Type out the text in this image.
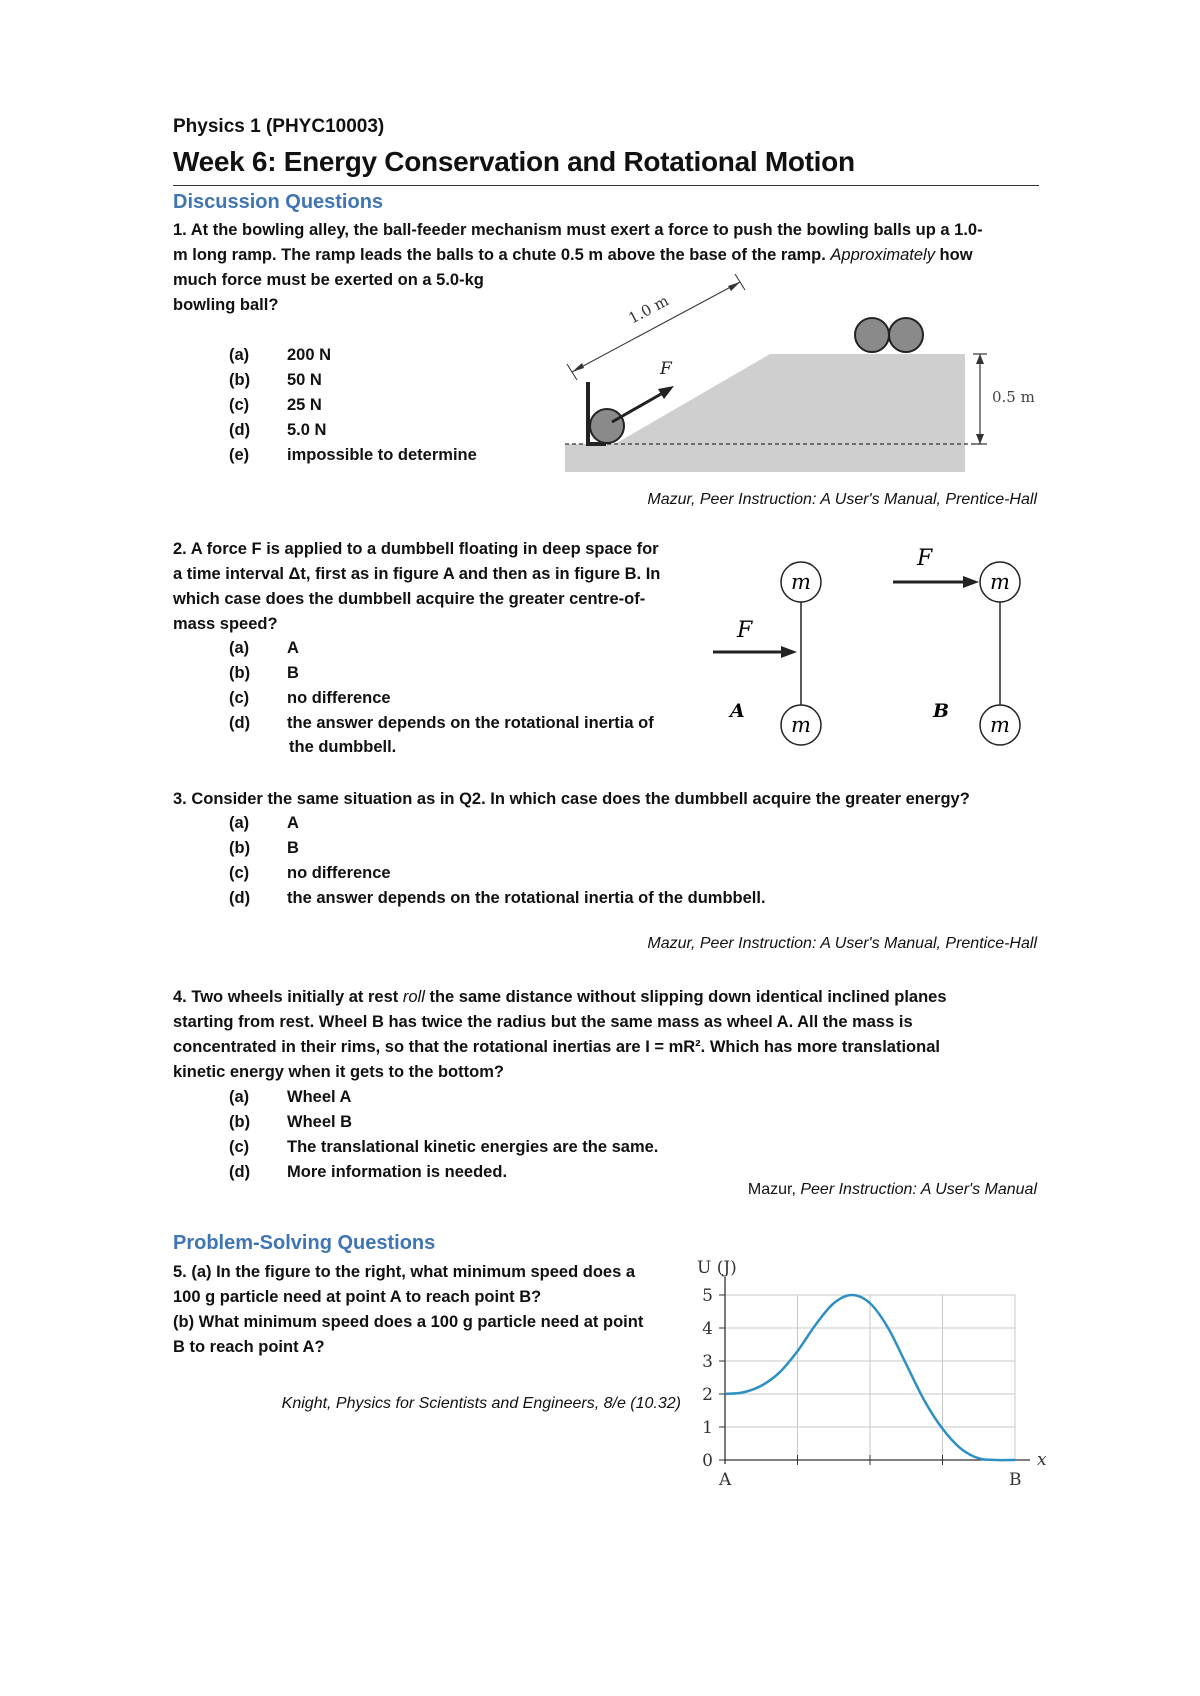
Physics 1 (PHYC10003)
Week 6: Energy Conservation and Rotational Motion
Discussion Questions
1. At the bowling alley, the ball-feeder mechanism must exert a force to push the bowling balls up a 1.0-
m long ramp. The ramp leads the balls to a chute 0.5 m above the base of the ramp. Approximately how
much force must be exerted on a 5.0-kg
bowling ball?
(a) 200 N
(b) 50 N
(c) 25 N
(d) 5.0 N
(e) impossible to determine
1.0 m
F
0.5 m
Mazur, Peer Instruction: A User's Manual, Prentice-Hall
2. A force F is applied to a dumbbell floating in deep space for
a time interval Δt, first as in figure A and then as in figure B. In
which case does the dumbbell acquire the greater centre-of-
mass speed?
(a) A
(b) B
(c) no difference
(d) the answer depends on the rotational inertia of
the dumbbell.
m
m
F
A
m
m
F
B
3. Consider the same situation as in Q2. In which case does the dumbbell acquire the greater energy?
(a) A
(b) B
(c) no difference
(d) the answer depends on the rotational inertia of the dumbbell.
Mazur, Peer Instruction: A User's Manual, Prentice-Hall
4. Two wheels initially at rest roll the same distance without slipping down identical inclined planes
starting from rest. Wheel B has twice the radius but the same mass as wheel A. All the mass is
concentrated in their rims, so that the rotational inertias are I = mR². Which has more translational
kinetic energy when it gets to the bottom?
(a) Wheel A
(b) Wheel B
(c) The translational kinetic energies are the same.
(d) More information is needed.
Mazur, Peer Instruction: A User's Manual
Problem-Solving Questions
5. (a) In the figure to the right, what minimum speed does a
100 g particle need at point A to reach point B?
(b) What minimum speed does a 100 g particle need at point
B to reach point A?
Knight, Physics for Scientists and Engineers, 8/e (10.32)
0
1
2
3
4
5
U (J)
x
A	B
